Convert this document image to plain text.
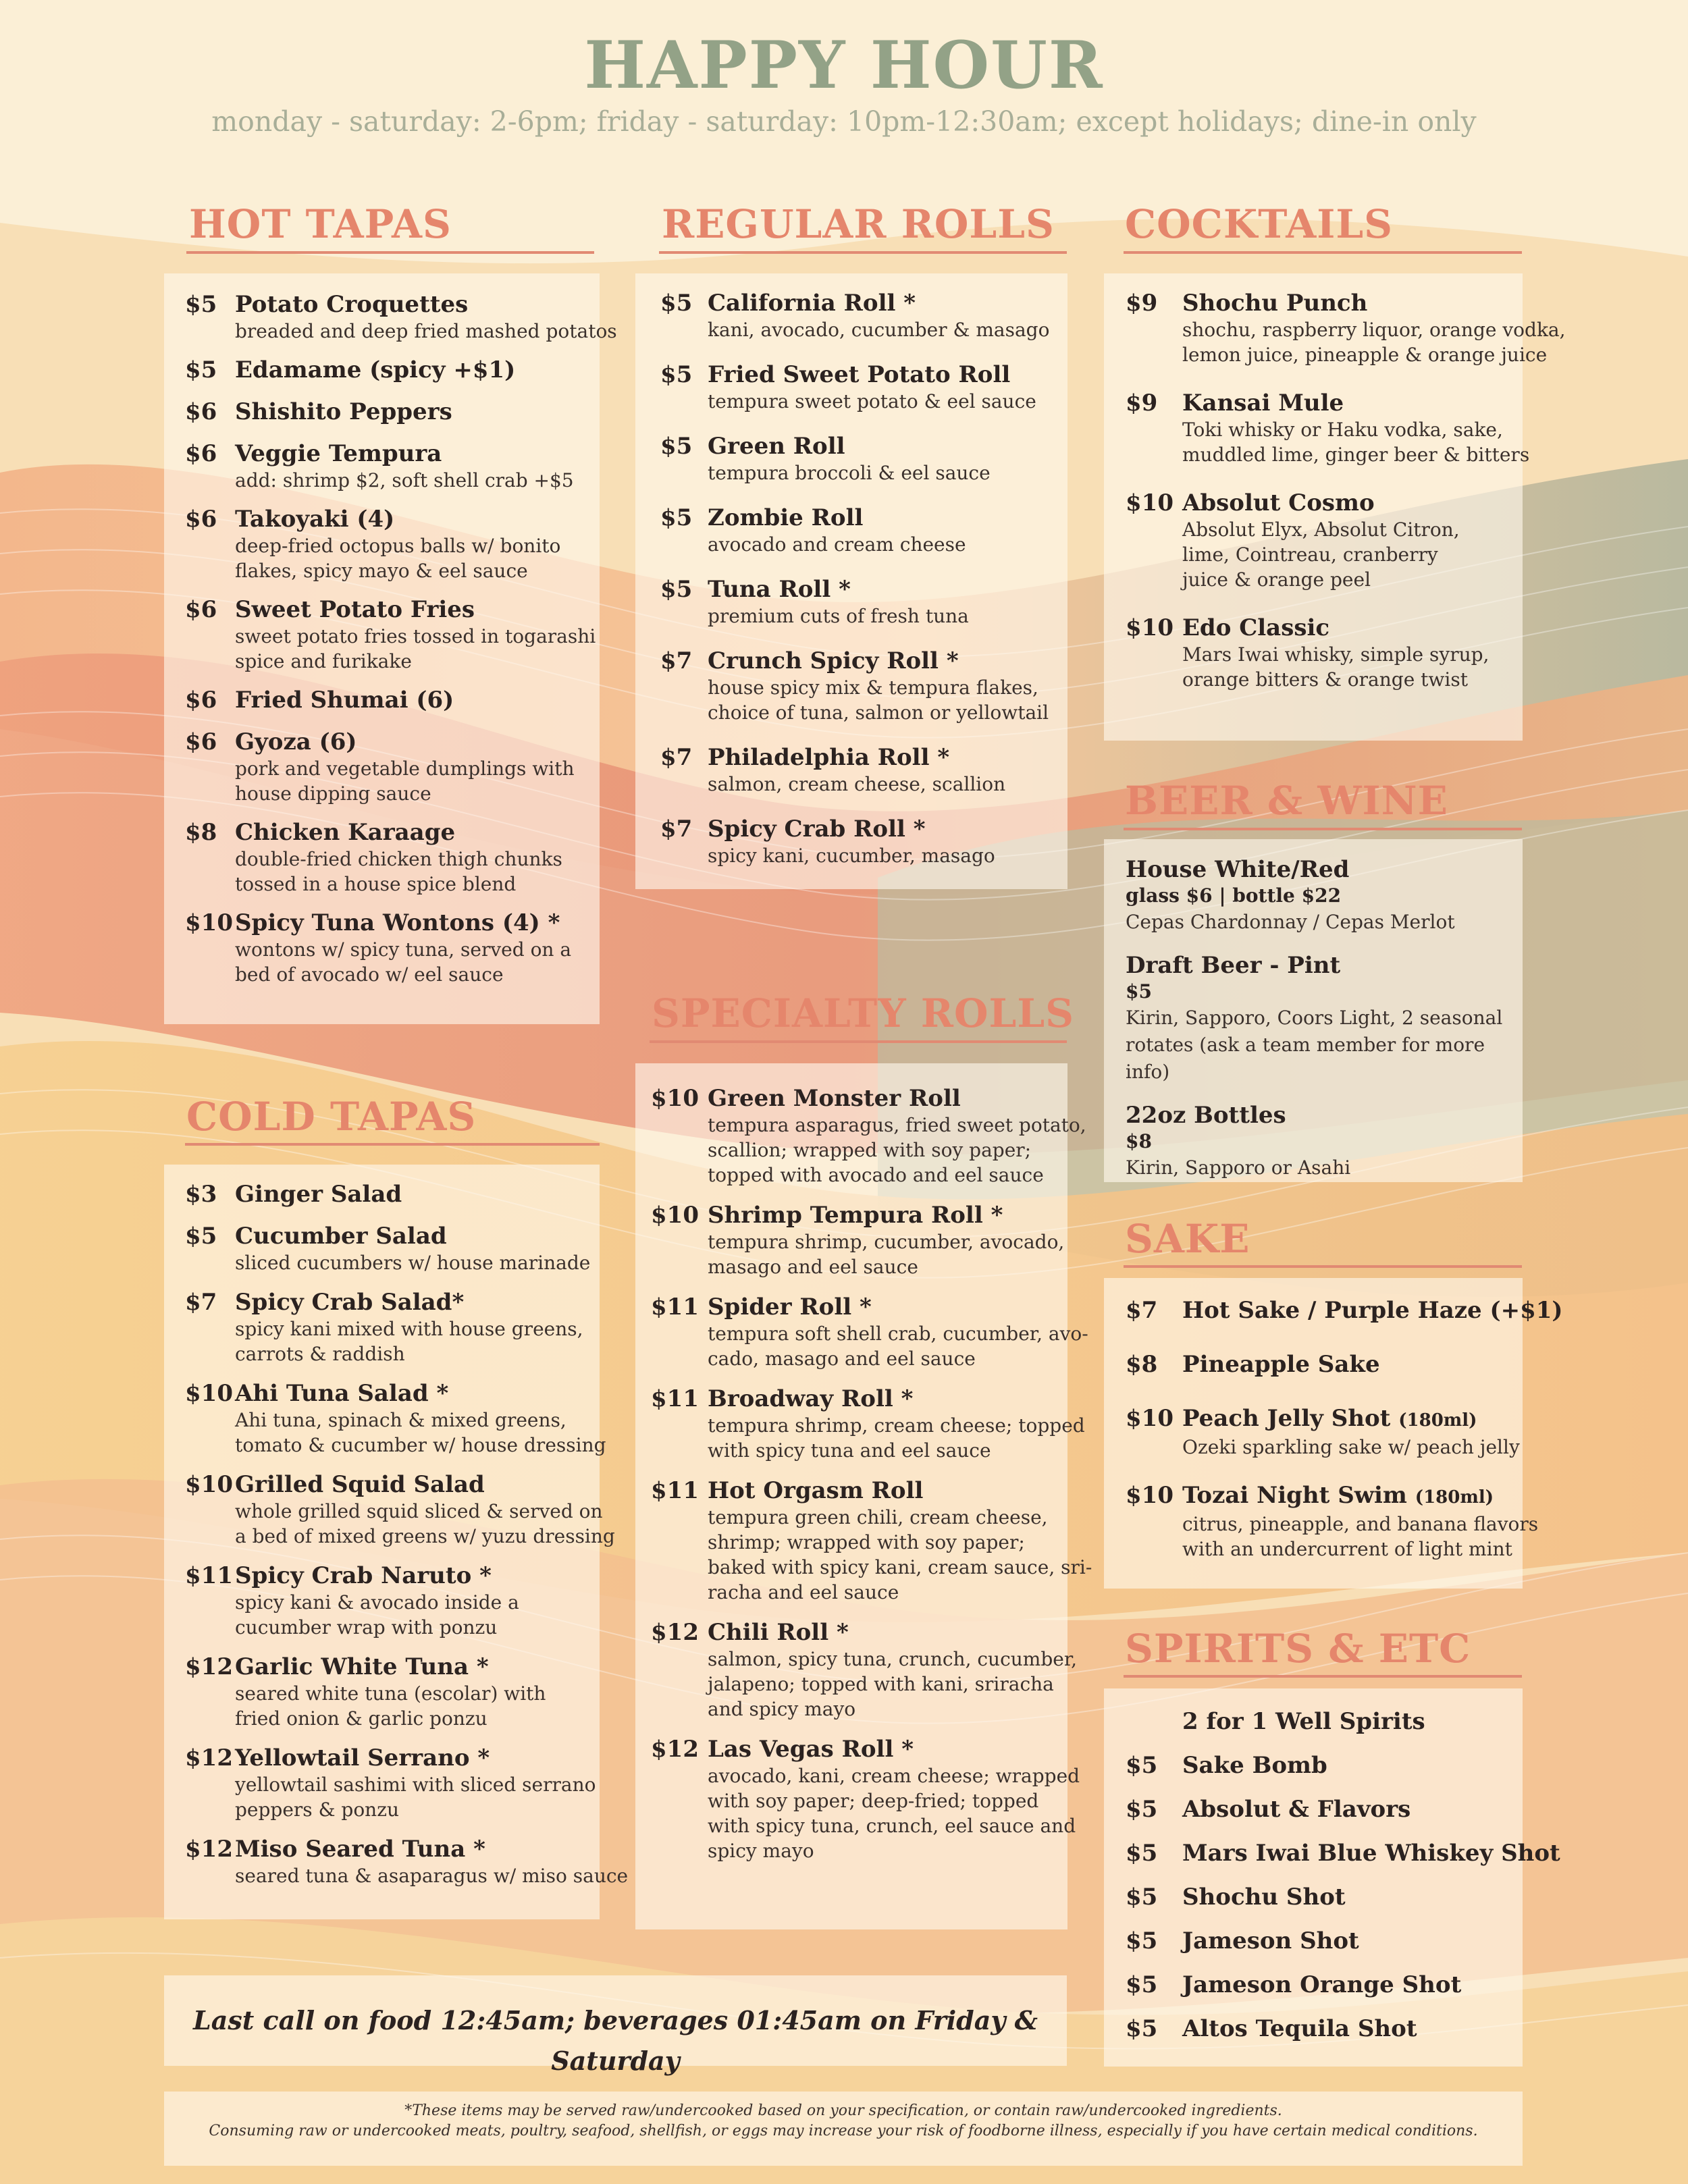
HAPPY HOUR
monday - saturday: 2-6pm; friday - saturday: 10pm-12:30am; except holidays; dine-in only
HOT TAPAS
$5 Potato Croquettes
breaded and deep fried mashed potatos
$5 Edamame (spicy +$1)
$6 Shishito Peppers
$6 Veggie Tempura
add: shrimp $2, soft shell crab +$5
$6 Takoyaki (4)
deep-fried octopus balls w/ bonito
flakes, spicy mayo & eel sauce
$6 Sweet Potato Fries
sweet potato fries tossed in togarashi
spice and furikake
$6 Fried Shumai (6)
$6 Gyoza (6)
pork and vegetable dumplings with
house dipping sauce
$8 Chicken Karaage
double-fried chicken thigh chunks
tossed in a house spice blend
$10 Spicy Tuna Wontons (4) *
wontons w/ spicy tuna, served on a
bed of avocado w/ eel sauce
COLD TAPAS
$3 Ginger Salad
$5 Cucumber Salad
sliced cucumbers w/ house marinade
$7 Spicy Crab Salad*
spicy kani mixed with house greens,
carrots & raddish
$10 Ahi Tuna Salad *
Ahi tuna, spinach & mixed greens,
tomato & cucumber w/ house dressing
$10 Grilled Squid Salad
whole grilled squid sliced & served on
a bed of mixed greens w/ yuzu dressing
$11 Spicy Crab Naruto *
spicy kani & avocado inside a
cucumber wrap with ponzu
$12 Garlic White Tuna *
seared white tuna (escolar) with
fried onion & garlic ponzu
$12 Yellowtail Serrano *
yellowtail sashimi with sliced serrano
peppers & ponzu
$12 Miso Seared Tuna *
seared tuna & asaparagus w/ miso sauce
REGULAR ROLLS
$5 California Roll *
kani, avocado, cucumber & masago
$5 Fried Sweet Potato Roll
tempura sweet potato & eel sauce
$5 Green Roll
tempura broccoli & eel sauce
$5 Zombie Roll
avocado and cream cheese
$5 Tuna Roll *
premium cuts of fresh tuna
$7 Crunch Spicy Roll *
house spicy mix & tempura flakes,
choice of tuna, salmon or yellowtail
$7 Philadelphia Roll *
salmon, cream cheese, scallion
$7 Spicy Crab Roll *
spicy kani, cucumber, masago
SPECIALTY ROLLS
$10 Green Monster Roll
tempura asparagus, fried sweet potato,
scallion; wrapped with soy paper;
topped with avocado and eel sauce
$10 Shrimp Tempura Roll *
tempura shrimp, cucumber, avocado,
masago and eel sauce
$11 Spider Roll *
tempura soft shell crab, cucumber, avo-
cado, masago and eel sauce
$11 Broadway Roll *
tempura shrimp, cream cheese; topped
with spicy tuna and eel sauce
$11 Hot Orgasm Roll
tempura green chili, cream cheese,
shrimp; wrapped with soy paper;
baked with spicy kani, cream sauce, sri-
racha and eel sauce
$12 Chili Roll *
salmon, spicy tuna, crunch, cucumber,
jalapeno; topped with kani, sriracha
and spicy mayo
$12 Las Vegas Roll *
avocado, kani, cream cheese; wrapped
with soy paper; deep-fried; topped
with spicy tuna, crunch, eel sauce and
spicy mayo
Last call on food 12:45am; beverages 01:45am on Friday & Saturday
COCKTAILS
$9	Shochu Punch
shochu, raspberry liquor, orange vodka,
lemon juice, pineapple & orange juice
$9	Kansai Mule
Toki whisky or Haku vodka, sake,
muddled lime, ginger beer & bitters
$10 Absolut Cosmo
Absolut Elyx, Absolut Citron,
lime, Cointreau, cranberry
juice & orange peel
$10 Edo Classic
Mars Iwai whisky, simple syrup,
orange bitters & orange twist
BEER & WINE
House White/Red
glass $6 | bottle $22
Cepas Chardonnay / Cepas Merlot
Draft Beer - Pint
$5
Kirin, Sapporo, Coors Light, 2 seasonal
rotates (ask a team member for more info)
22oz Bottles
$8
Kirin, Sapporo or Asahi
SAKE
$7	Hot Sake / Purple Haze (+$1)
$8	Pineapple Sake
$10 Peach Jelly Shot (180ml)
Ozeki sparkling sake w/ peach jelly
$10 Tozai Night Swim (180ml)
citrus, pineapple, and banana flavors
with an undercurrent of light mint
SPIRITS & ETC
2 for 1 Well Spirits
$5	Sake Bomb
$5	Absolut & Flavors
$5	Mars Iwai Blue Whiskey Shot
$5	Shochu Shot
$5	Jameson Shot
$5	Jameson Orange Shot
$5	Altos Tequila Shot
*These items may be served raw/undercooked based on your specification, or contain raw/undercooked ingredients.
Consuming raw or undercooked meats, poultry, seafood, shellfish, or eggs may increase your risk of foodborne illness, especially if you have certain medical conditions.
